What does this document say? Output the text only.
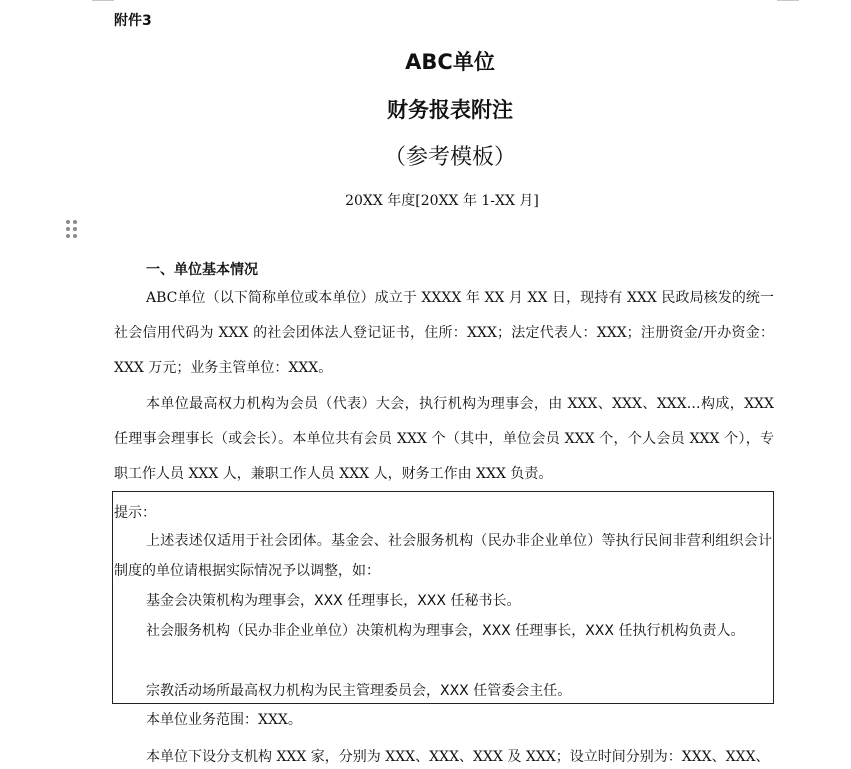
附件3
ABC单位
财务报表附注
（参考模板）
20XX 年度[20XX 年 1-XX 月]
一、单位基本情况
ABC单位（以下简称单位或本单位）成立于 XXXX 年 XX 月 XX 日，现持有 XXX 民政局核发的统一社会信用代码为 XXX 的社会团体法人登记证书，住所：XXX；法定代表人：XXX；注册资金/开办资金：XXX 万元；业务主管单位：XXX。
本单位最高权力机构为会员（代表）大会，执行机构为理事会，由 XXX、XXX、XXX…构成，XXX 任理事会理事长（或会长）。本单位共有会员 XXX 个（其中，单位会员 XXX 个，个人会员 XXX 个），专职工作人员 XXX 人，兼职工作人员 XXX 人，财务工作由 XXX 负责。
提示：
上述表述仅适用于社会团体。基金会、社会服务机构（民办非企业单位）等执行民间非营利组织会计制度的单位请根据实际情况予以调整，如：
基金会决策机构为理事会，XXX 任理事长，XXX 任秘书长。
社会服务机构（民办非企业单位）决策机构为理事会，XXX 任理事长，XXX 任执行机构负责人。
宗教活动场所最高权力机构为民主管理委员会，XXX 任管委会主任。
本单位业务范围：XXX。
本单位下设分支机构 XXX 家，分别为 XXX、XXX、XXX 及 XXX；设立时间分别为：XXX、XXX、
